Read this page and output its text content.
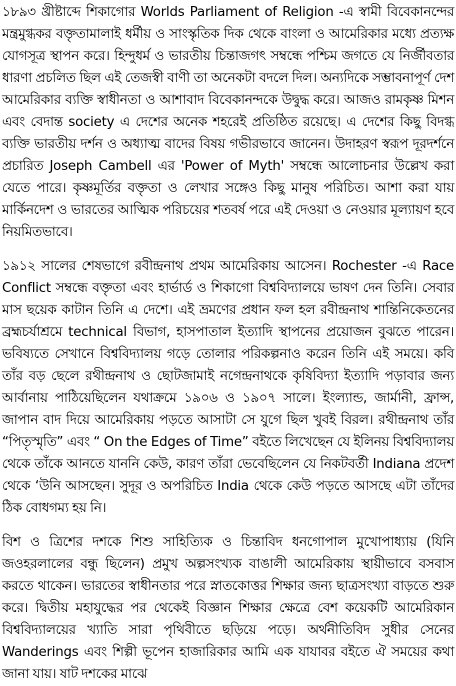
১৮৯৩ খ্রীষ্টাব্দে শিকাগোর Worlds Parliament of Religion -এ স্বামী বিবেকানন্দের মন্ত্রমুগ্ধকর বক্তৃতামালাই ধর্মীয় ও সাংস্কৃতিক দিক থেকে বাংলা ও আমেরিকার মধ্যে প্রত্যক্ষ যোগসূত্র স্থাপন করে। হিন্দুধর্ম ও ভারতীয় চিন্তাজগৎ সম্বন্ধে পশ্চিম জগতে যে নির্জীবতার ধারণা প্রচলিত ছিল এই তেজস্বী বাণী তা অনেকটা বদলে দিল। অন্যদিকে সম্ভাবনাপূর্ণ দেশ আমেরিকার ব্যক্তি স্বাধীনতা ও আশাবাদ বিবেকানন্দকে উদ্বুদ্ধ করে। আজও রামকৃষ্ণ মিশন এবং বেদান্ত society এ দেশের অনেক শহরেই প্রতিষ্ঠিত রয়েছে। এ দেশের কিছু বিদগ্ধ ব্যক্তি ভারতীয় দর্শন ও অধ্যাত্ম বাদের বিষয় গভীরভাবে জানেন। উদাহরণ স্বরূপ দূরদর্শনে প্রচারিত Joseph Cambell এর 'Power of Myth' সম্বন্ধে আলোচনার উল্লেখ করা যেতে পারে। কৃষ্ণমূর্তির বক্তৃতা ও লেখার সঙ্গেও কিছু মানুষ পরিচিত। আশা করা যায় মার্কিনদেশ ও ভারতের আত্মিক পরিচয়ের শতবর্ষ পরে এই দেওয়া ও নেওয়ার মূল্যায়ণ হবে নিয়মিতভাবে।

১৯১২ সালের শেষভাগে রবীন্দ্রনাথ প্রথম আমেরিকায় আসেন। Rochester -এ Race Conflict সম্বন্ধে বক্তৃতা এবং হার্ভার্ড ও শিকাগো বিশ্ববিদ্যালয়ে ভাষণ দেন তিনি। সেবার মাস ছয়েক কাটান তিনি এ দেশে। এই ভ্রমণের প্রধান ফল হল রবীন্দ্রনাথ শান্তিনিকেতনের ব্রহ্মচর্যাশ্রমে technical বিভাগ, হাসপাতাল ইত্যাদি স্থাপনের প্রয়োজন বুঝতে পারেন। ভবিষ্যতে সেখানে বিশ্ববিদ্যালয় গড়ে তোলার পরিকল্পনাও করেন তিনি এই সময়ে। কবি তাঁর বড় ছেলে রথীন্দ্রনাথ ও ছোটজামাই নগেন্দ্রনাথকে কৃষিবিদ্যা ইত্যাদি পড়াবার জন্য আর্বানায় পাঠিয়েছিলেন যথাক্রমে ১৯০৬ ও ১৯০৭ সালে। ইংল্যান্ড, জার্মানী, ফ্রান্স, জাপান বাদ দিয়ে আমেরিকায় পড়তে আসাটা সে যুগে ছিল খুবই বিরল। রথীন্দ্রনাথ তাঁর “পিতৃস্মৃতি” এবং “ On the Edges of Time” বইতে লিখেছেন যে ইলিনয় বিশ্ববিদ্যালয় থেকে তাঁকে আনতে যাননি কেউ, কারণ তাঁরা ভেবেছিলেন যে নিকটবর্তী Indiana প্রদেশ থেকে ‘উনি আসছেন। সুদূর ও অপরিচিত India থেকে কেউ পড়তে আসছে এটা তাঁদের ঠিক বোধগম্য হয় নি।

বিশ ও ত্রিশের দশকে শিশু সাহিত্যিক ও চিন্তাবিদ ধনগোপাল মুখোপাধ্যায় (যিনি জওহরলালের বন্ধু ছিলেন) প্রমুখ অল্পসংখ্যক বাঙালী আমেরিকায় স্থায়ীভাবে বসবাস করতে থাকেন। ভারতের স্বাধীনতার পরে স্নাতকোত্তর শিক্ষার জন্য ছাত্রসংখ্যা বাড়তে শুরু করে। দ্বিতীয় মহাযুদ্ধের পর থেকেই বিজ্ঞান শিক্ষার ক্ষেত্রে বেশ কয়েকটি আমেরিকান বিশ্ববিদ্যালয়ের খ্যাতি সারা পৃথিবীতে ছড়িয়ে পড়ে। অর্থনীতিবিদ সুধীর সেনের Wanderings এবং শিল্পী ভূপেন হাজারিকার আমি এক যাযাবর বইতে ঐ সময়ের কথা জানা যায়। ষাট দশকের মাঝে
